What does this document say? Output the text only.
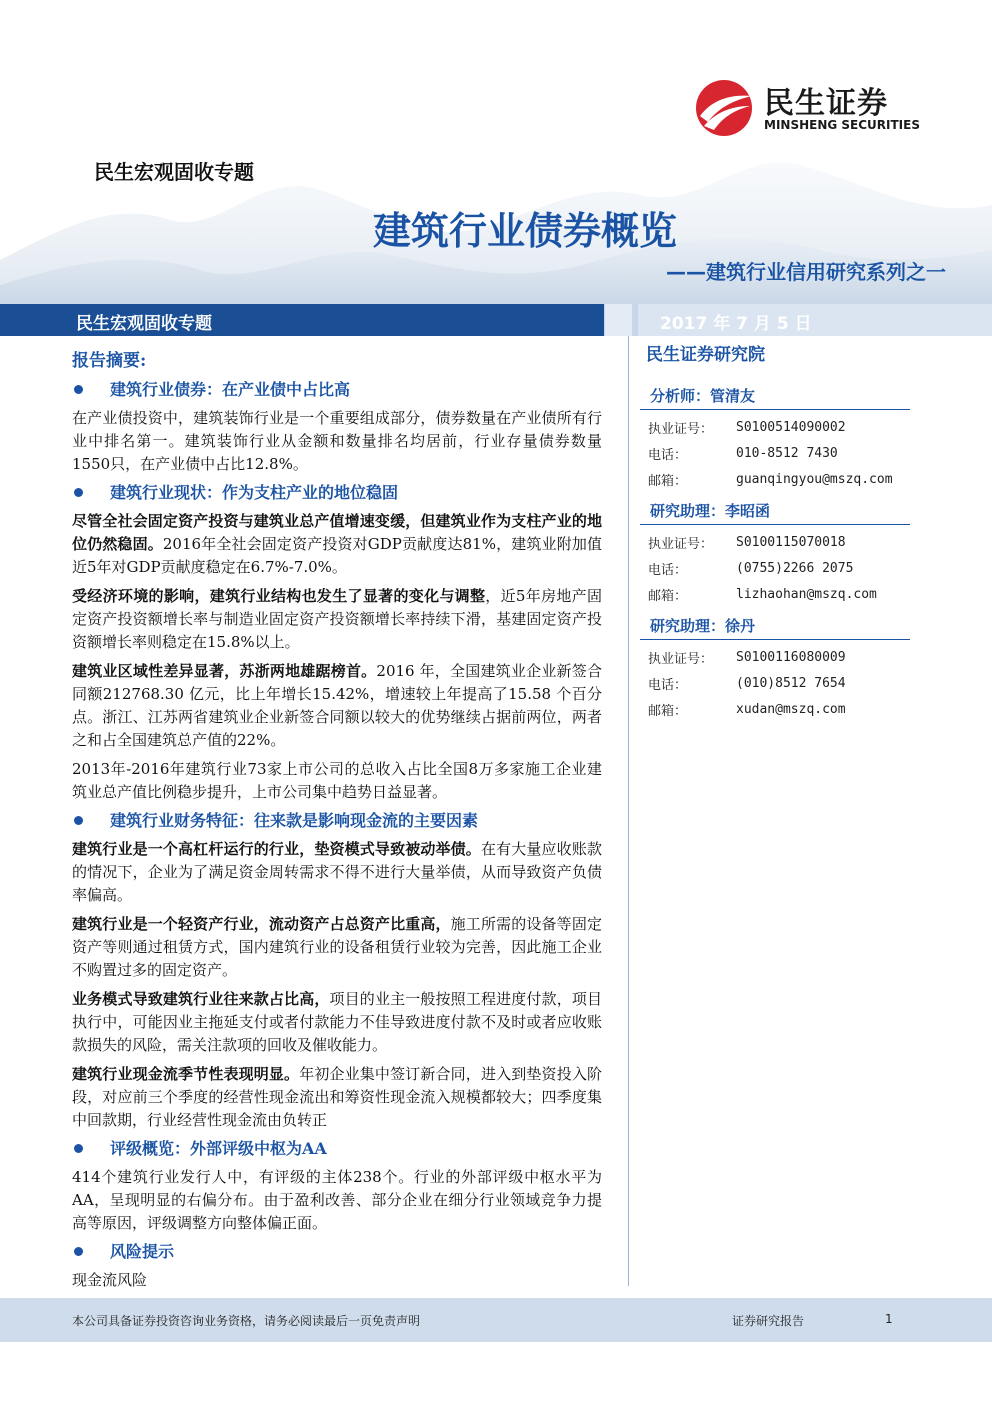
民生证券
MINSHENG SECURITIES
民生宏观固收专题
建筑行业债券概览
——建筑行业信用研究系列之一
民生宏观固收专题	2017 年 7 月 5 日
报告摘要:
建筑行业债券：在产业债中占比高

在产业债投资中，建筑装饰行业是一个重要组成部分，债券数量在产业债所有行业中排名第一。建筑装饰行业从金额和数量排名均居前，行业存量债券数量1550只，在产业债中占比12.8%。

建筑行业现状：作为支柱产业的地位稳固

尽管全社会固定资产投资与建筑业总产值增速变缓，但建筑业作为支柱产业的地位仍然稳固。2016年全社会固定资产投资对GDP贡献度达81%，建筑业附加值近5年对GDP贡献度稳定在6.7%-7.0%。

受经济环境的影响，建筑行业结构也发生了显著的变化与调整，近5年房地产固定资产投资额增长率与制造业固定资产投资额增长率持续下滑，基建固定资产投资额增长率则稳定在15.8%以上。

建筑业区域性差异显著，苏浙两地雄踞榜首。2016 年，全国建筑业企业新签合同额212768.30 亿元，比上年增长15.42%，增速较上年提高了15.58 个百分点。浙江、江苏两省建筑业企业新签合同额以较大的优势继续占据前两位，两者之和占全国建筑总产值的22%。

2013年-2016年建筑行业73家上市公司的总收入占比全国8万多家施工企业建筑业总产值比例稳步提升，上市公司集中趋势日益显著。

建筑行业财务特征：往来款是影响现金流的主要因素

建筑行业是一个高杠杆运行的行业，垫资模式导致被动举债。在有大量应收账款的情况下，企业为了满足资金周转需求不得不进行大量举债，从而导致资产负债率偏高。

建筑行业是一个轻资产行业，流动资产占总资产比重高，施工所需的设备等固定资产等则通过租赁方式，国内建筑行业的设备租赁行业较为完善，因此施工企业不购置过多的固定资产。

业务模式导致建筑行业往来款占比高，项目的业主一般按照工程进度付款，项目执行中，可能因业主拖延支付或者付款能力不佳导致进度付款不及时或者应收账款损失的风险，需关注款项的回收及催收能力。

建筑行业现金流季节性表现明显。年初企业集中签订新合同，进入到垫资投入阶段，对应前三个季度的经营性现金流出和筹资性现金流入规模都较大；四季度集中回款期，行业经营性现金流由负转正

评级概览：外部评级中枢为AA

414个建筑行业发行人中，有评级的主体238个。行业的外部评级中枢水平为AA，呈现明显的右偏分布。由于盈利改善、部分企业在细分行业领域竞争力提高等原因，评级调整方向整体偏正面。

风险提示

现金流风险

民生证券研究院
分析师：管清友
执业证号：	S0100514090002
电话：	010-8512 7430
邮箱：	guanqingyou@mszq.com
研究助理：李昭函
执业证号：	S0100115070018
电话：	(0755)2266 2075
邮箱：	lizhaohan@mszq.com
研究助理：徐丹
执业证号：	S0100116080009
电话：	(010)8512 7654
邮箱：	xudan@mszq.com
本公司具备证券投资咨询业务资格，请务必阅读最后一页免责声明	证券研究报告	1
